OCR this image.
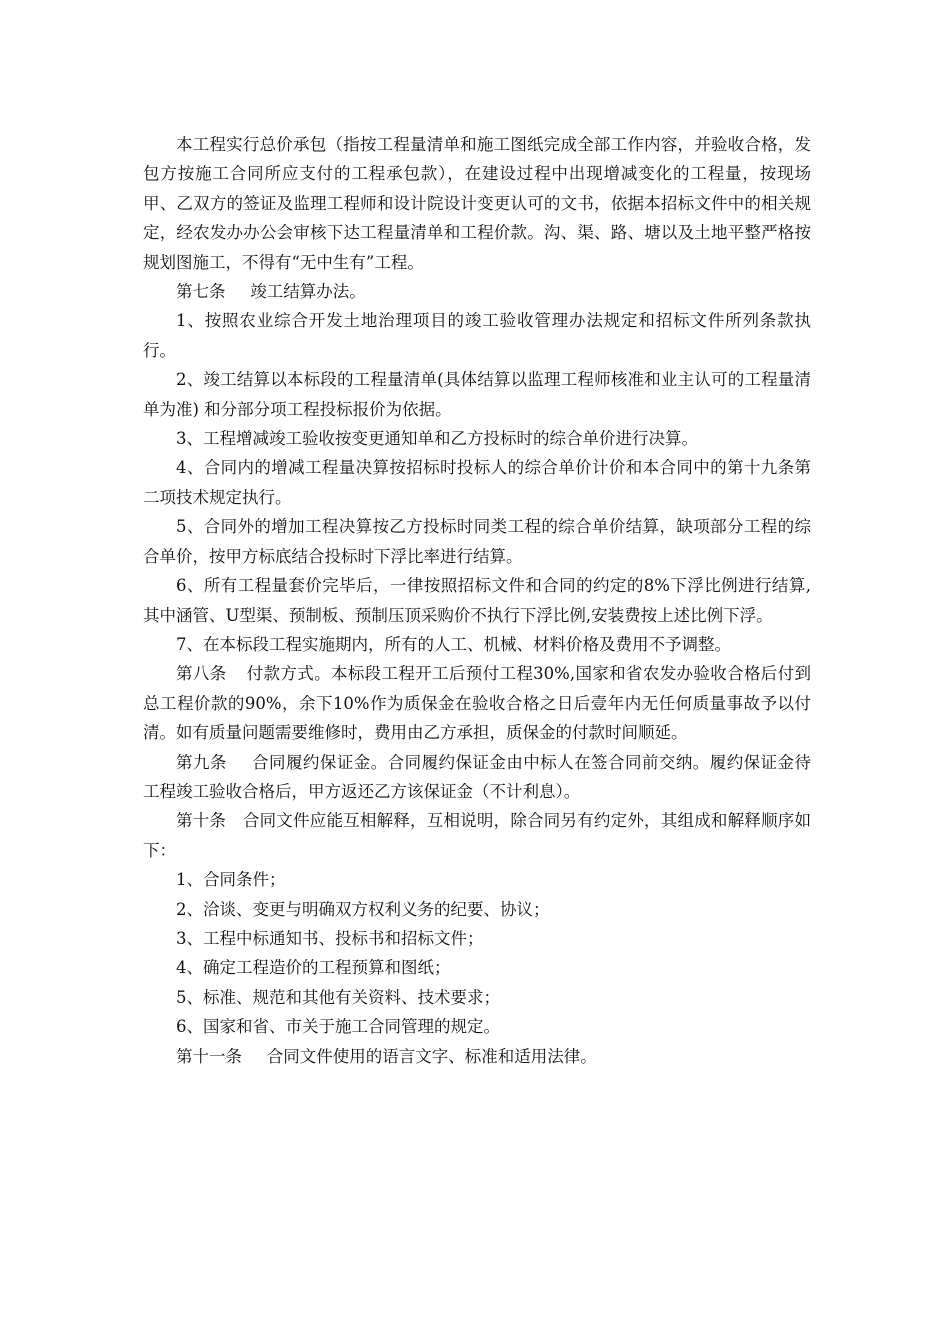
本工程实行总价承包（指按工程量清单和施工图纸完成全部工作内容，并验收合格，发包方按施工合同所应支付的工程承包款），在建设过程中出现增减变化的工程量，按现场甲、乙双方的签证及监理工程师和设计院设计变更认可的文书，依据本招标文件中的相关规定，经农发办办公会审核下达工程量清单和工程价款。沟、渠、路、塘以及土地平整严格按规划图施工，不得有“无中生有”工程。

第七条 竣工结算办法。

1、按照农业综合开发土地治理项目的竣工验收管理办法规定和招标文件所列条款执行。

2、竣工结算以本标段的工程量清单(具体结算以监理工程师核准和业主认可的工程量清单为准) 和分部分项工程投标报价为依据。

3、工程增减竣工验收按变更通知单和乙方投标时的综合单价进行决算。

4、合同内的增减工程量决算按招标时投标人的综合单价计价和本合同中的第十九条第二项技术规定执行。

5、合同外的增加工程决算按乙方投标时同类工程的综合单价结算，缺项部分工程的综合单价，按甲方标底结合投标时下浮比率进行结算。

6、所有工程量套价完毕后，一律按照招标文件和合同的约定的8%下浮比例进行结算,其中涵管、U型渠、预制板、预制压顶采购价不执行下浮比例,安装费按上述比例下浮。

7、在本标段工程实施期内，所有的人工、机械、材料价格及费用不予调整。

第八条 付款方式。本标段工程开工后预付工程30%,国家和省农发办验收合格后付到总工程价款的90%，余下10%作为质保金在验收合格之日后壹年内无任何质量事故予以付清。如有质量问题需要维修时，费用由乙方承担，质保金的付款时间顺延。

第九条 合同履约保证金。合同履约保证金由中标人在签合同前交纳。履约保证金待工程竣工验收合格后，甲方返还乙方该保证金（不计利息）。

第十条 合同文件应能互相解释，互相说明，除合同另有约定外，其组成和解释顺序如下：

1、合同条件；

2、洽谈、变更与明确双方权利义务的纪要、协议；

3、工程中标通知书、投标书和招标文件；

4、确定工程造价的工程预算和图纸；

5、标准、规范和其他有关资料、技术要求；

6、国家和省、市关于施工合同管理的规定。

第十一条 合同文件使用的语言文字、标准和适用法律。
